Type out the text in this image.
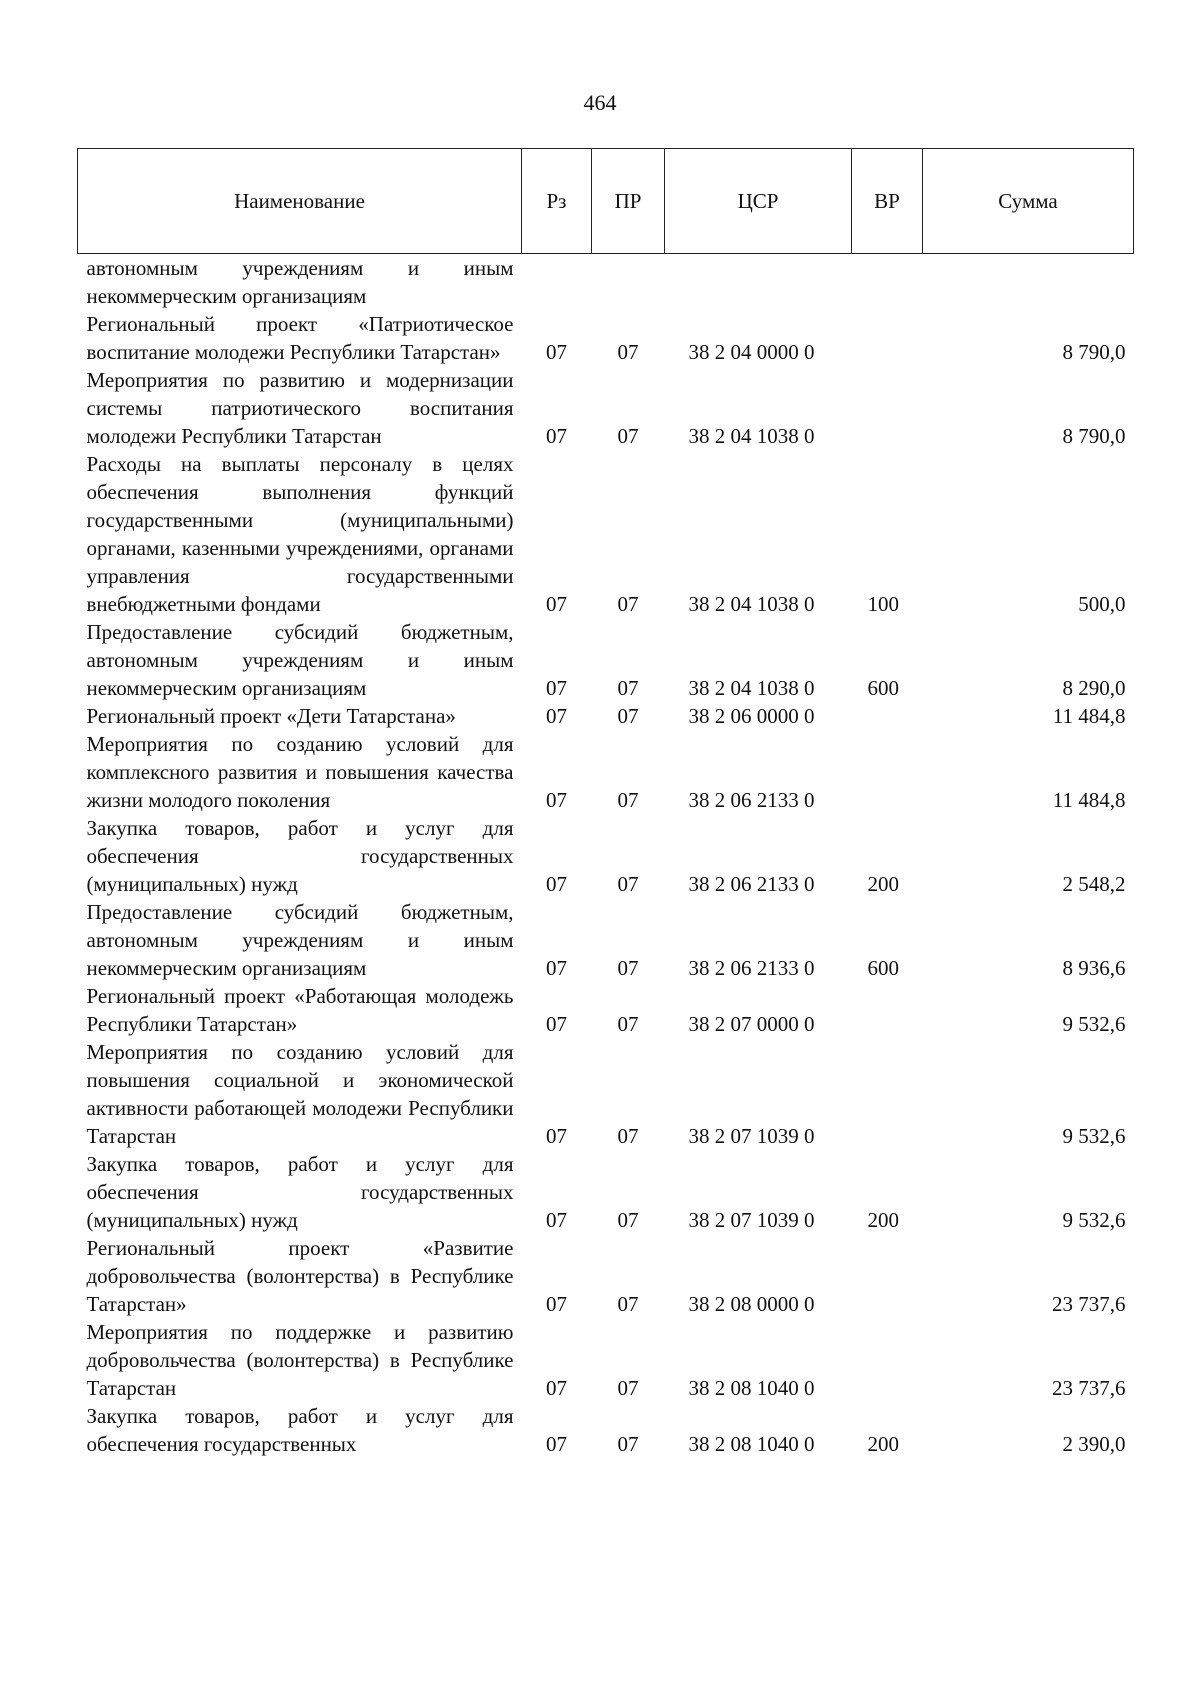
464
Наименование	Рз	ПР	ЦСР	ВР	Сумма
автономным учреждениям и иным некоммерческим организациям					
Региональный проект «Патриотическое воспитание молодежи Республики Татарстан»	07	07	38 2 04 0000 0		8 790,0
Мероприятия по развитию и модернизации системы патриотического воспитания молодежи Республики Татарстан	07	07	38 2 04 1038 0		8 790,0
Расходы на выплаты персоналу в целях обеспечения выполнения функций государственными (муниципальными) органами, казенными учреждениями, органами управления государственными внебюджетными фондами	07	07	38 2 04 1038 0	100	500,0
Предоставление субсидий бюджетным, автономным учреждениям и иным некоммерческим организациям	07	07	38 2 04 1038 0	600	8 290,0
Региональный проект «Дети Татарстана»	07	07	38 2 06 0000 0		11 484,8
Мероприятия по созданию условий для комплексного развития и повышения качества жизни молодого поколения	07	07	38 2 06 2133 0		11 484,8
Закупка товаров, работ и услуг для обеспечения государственных (муниципальных) нужд	07	07	38 2 06 2133 0	200	2 548,2
Предоставление субсидий бюджетным, автономным учреждениям и иным некоммерческим организациям	07	07	38 2 06 2133 0	600	8 936,6
Региональный проект «Работающая молодежь Республики Татарстан»	07	07	38 2 07 0000 0		9 532,6
Мероприятия по созданию условий для повышения социальной и экономической активности работающей молодежи Республики Татарстан	07	07	38 2 07 1039 0		9 532,6
Закупка товаров, работ и услуг для обеспечения государственных (муниципальных) нужд	07	07	38 2 07 1039 0	200	9 532,6
Региональный проект «Развитие добровольчества (волонтерства) в Республике Татарстан»	07	07	38 2 08 0000 0		23 737,6
Мероприятия по поддержке и развитию добровольчества (волонтерства) в Республике Татарстан	07	07	38 2 08 1040 0		23 737,6
Закупка товаров, работ и услуг для обеспечения государственных	07	07	38 2 08 1040 0	200	2 390,0
